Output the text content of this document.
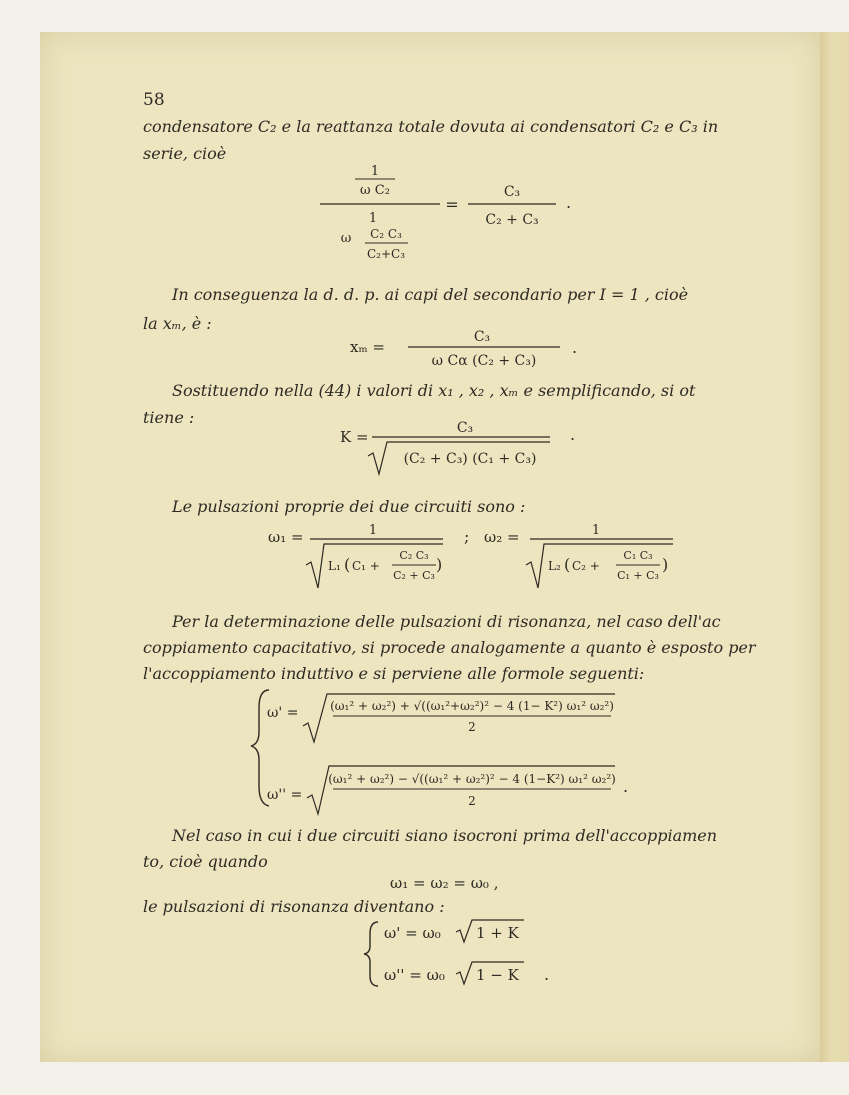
58
condensatore C₂ e la reattanza totale dovuta ai condensatori C₂ e C₃ in
serie, cioè
1
ω C₂
1
ω C₂ C₃
C₂+C₃
=
C₃
C₂ + C₃
.
In conseguenza la d. d. p. ai capi del secondario per I = 1 , cioè
la xₘ, è :
xₘ =
C₃
ω Cα (C₂ + C₃)
.
Sostituendo nella (44) i valori di x₁ , x₂ , xₘ e semplificando, si ot
tiene :
K =	C₃
(C₂ + C₃) (C₁ + C₃)
.
Le pulsazioni proprie dei due circuiti sono :
ω₁ =	1
L₁ ( C₁ +
C₂ C₃
C₂ + C₃
)
; ω₂ =	1
L₂ ( C₂ +
C₁ C₃
C₁ + C₃
)
Per la determinazione delle pulsazioni di risonanza, nel caso dell'ac
coppiamento capacitativo, si procede analogamente a quanto è esposto per
l'accoppiamento induttivo e si perviene alle formole seguenti:
ω' =	(ω₁² + ω₂²) + √((ω₁²+ω₂²)² − 4 (1− K²) ω₁² ω₂²)
2
ω'' =
(ω₁² + ω₂²) − √((ω₁² + ω₂²)² − 4 (1−K²) ω₁² ω₂²)
2
.
Nel caso in cui i due circuiti siano isocroni prima dell'accoppiamen
to, cioè quando
ω₁ = ω₂ = ω₀ ,
le pulsazioni di risonanza diventano :
ω' = ω₀ 1 + K
ω'' = ω₀ 1 − K .
